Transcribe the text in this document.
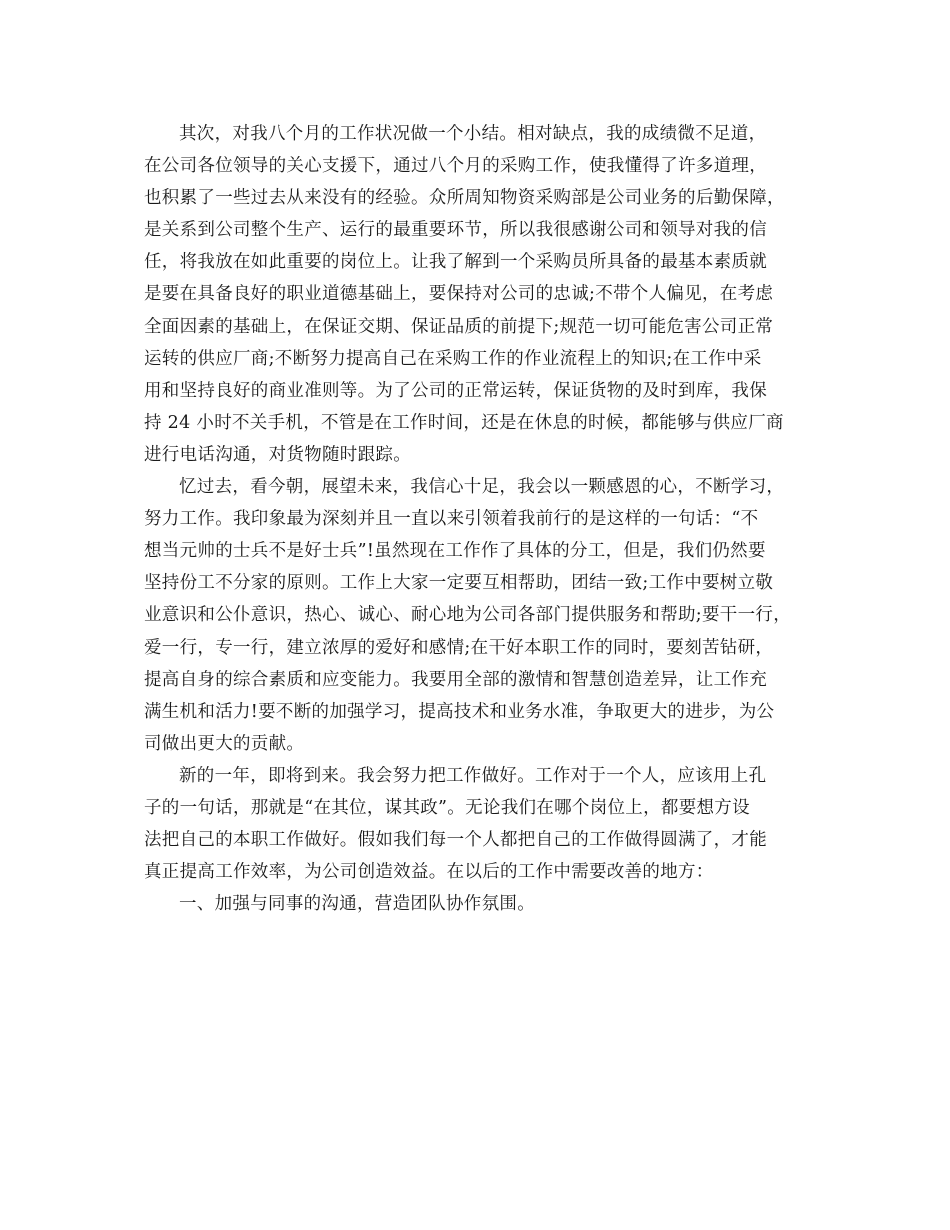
其次，对我八个月的工作状况做一个小结。相对缺点，我的成绩微不足道，
在公司各位领导的关心支援下，通过八个月的采购工作，使我懂得了许多道理，
也积累了一些过去从来没有的经验。众所周知物资采购部是公司业务的后勤保障，
是关系到公司整个生产、运行的最重要环节，所以我很感谢公司和领导对我的信
任，将我放在如此重要的岗位上。让我了解到一个采购员所具备的最基本素质就
是要在具备良好的职业道德基础上，要保持对公司的忠诚;不带个人偏见，在考虑
全面因素的基础上，在保证交期、保证品质的前提下;规范一切可能危害公司正常
运转的供应厂商;不断努力提高自己在采购工作的作业流程上的知识;在工作中采
用和坚持良好的商业准则等。为了公司的正常运转，保证货物的及时到库，我保
持 24 小时不关手机，不管是在工作时间，还是在休息的时候，都能够与供应厂商
进行电话沟通，对货物随时跟踪。
忆过去，看今朝，展望未来，我信心十足，我会以一颗感恩的心，不断学习，
努力工作。我印象最为深刻并且一直以来引领着我前行的是这样的一句话：“不
想当元帅的士兵不是好士兵”!虽然现在工作作了具体的分工，但是，我们仍然要
坚持份工不分家的原则。工作上大家一定要互相帮助，团结一致;工作中要树立敬
业意识和公仆意识，热心、诚心、耐心地为公司各部门提供服务和帮助;要干一行，
爱一行，专一行，建立浓厚的爱好和感情;在干好本职工作的同时，要刻苦钻研，
提高自身的综合素质和应变能力。我要用全部的激情和智慧创造差异，让工作充
满生机和活力!要不断的加强学习，提高技术和业务水准，争取更大的进步，为公
司做出更大的贡献。
新的一年，即将到来。我会努力把工作做好。工作对于一个人，应该用上孔
子的一句话，那就是“在其位，谋其政”。无论我们在哪个岗位上，都要想方设
法把自己的本职工作做好。假如我们每一个人都把自己的工作做得圆满了，才能
真正提高工作效率，为公司创造效益。在以后的工作中需要改善的地方：
一、加强与同事的沟通，营造团队协作氛围。
